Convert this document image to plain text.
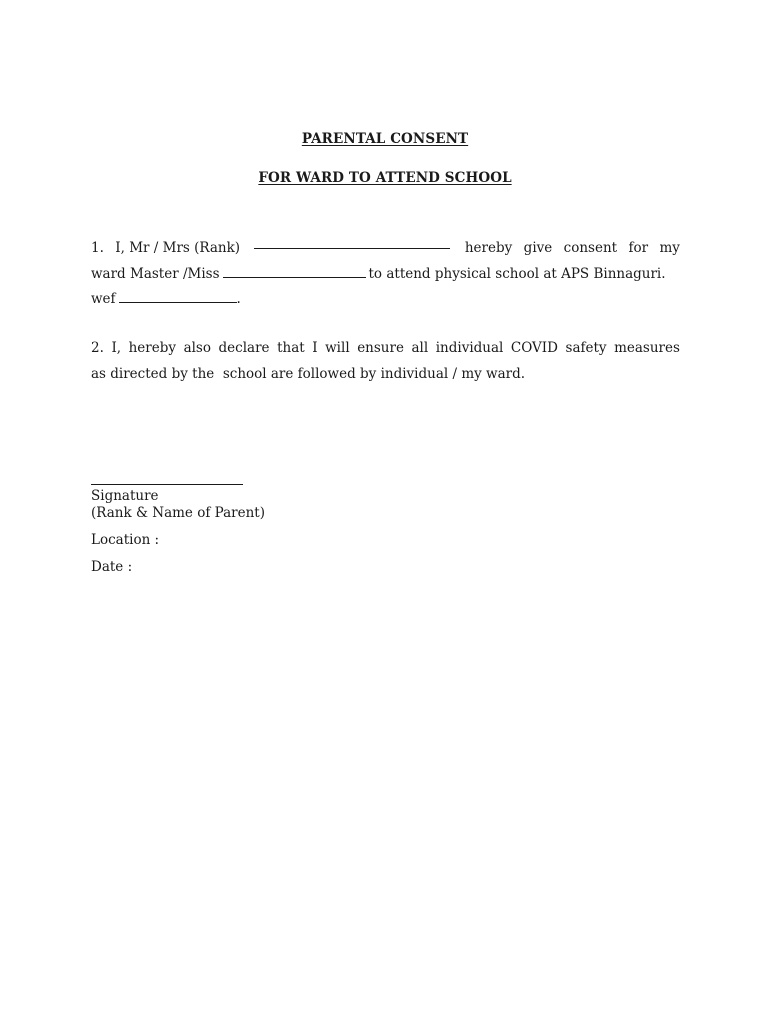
PARENTAL CONSENT
FOR WARD TO ATTEND SCHOOL
1. I, Mr / Mrs (Rank)	hereby give consent for my
ward Master /Miss	to attend physical school at APS Binnaguri.
wef	.
2. I, hereby also declare that I will ensure all individual COVID safety measures
as directed by the  school are followed by individual / my ward.
Signature
(Rank & Name of Parent)
Location :
Date :
